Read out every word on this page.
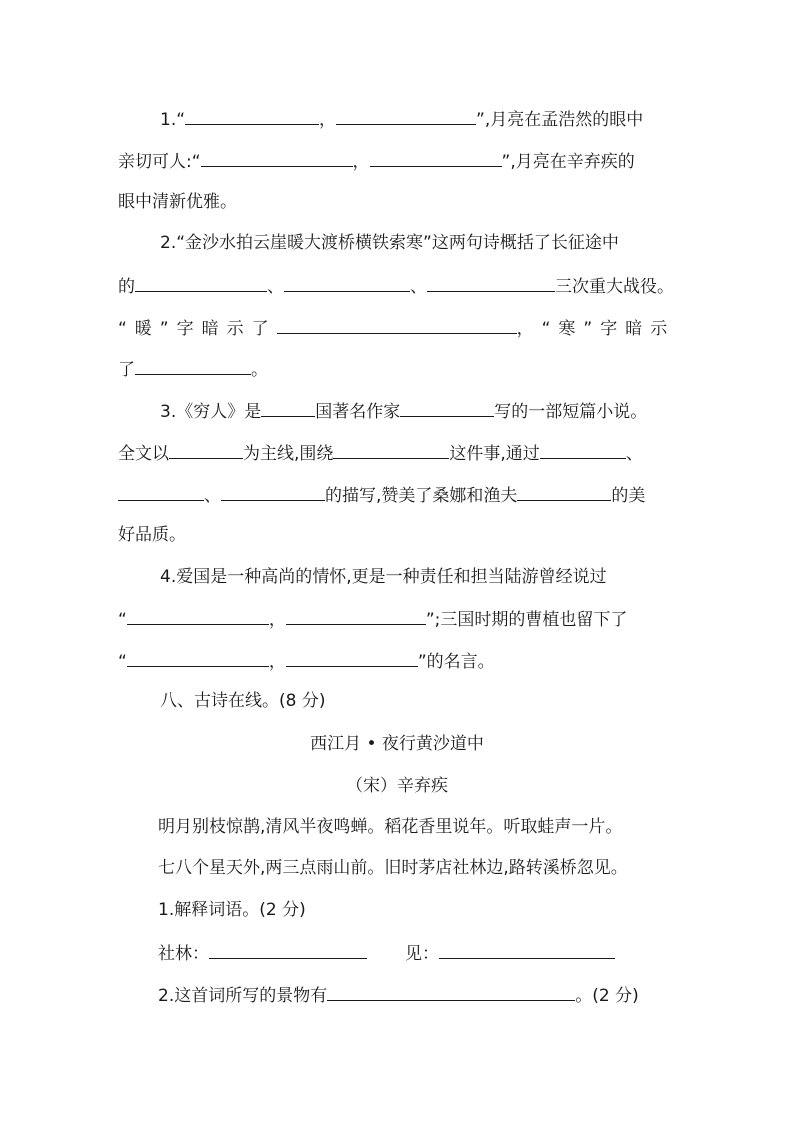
1.“	，	”,月亮在孟浩然的眼中
亲切可人:“	，	”,月亮在辛弃疾的
眼中清新优雅。
2.“金沙水拍云崖暖大渡桥横铁索寒”这两句诗概括了长征途中
的	、	、	三次重大战役。
“暖”字暗示了	，“寒”字暗示
了	。
3.《穷人》是	国著名作家	写的一部短篇小说。
全文以	为主线,围绕	这件事,通过	、
、	的描写,赞美了桑娜和渔夫	的美
好品质。
4.爱国是一种高尚的情怀,更是一种责任和担当陆游曾经说过
“	，	”;三国时期的曹植也留下了
“	，	”的名言。
八、古诗在线。(8 分)
西江月 • 夜行黄沙道中
（宋）辛弃疾
明月别枝惊鹊,清风半夜鸣蝉。稻花香里说年。听取蛙声一片。
七八个星天外,两三点雨山前。旧时茅店社林边,路转溪桥忽见。
1.解释词语。(2 分)
社林：	见：
2.这首词所写的景物有	。(2 分)
